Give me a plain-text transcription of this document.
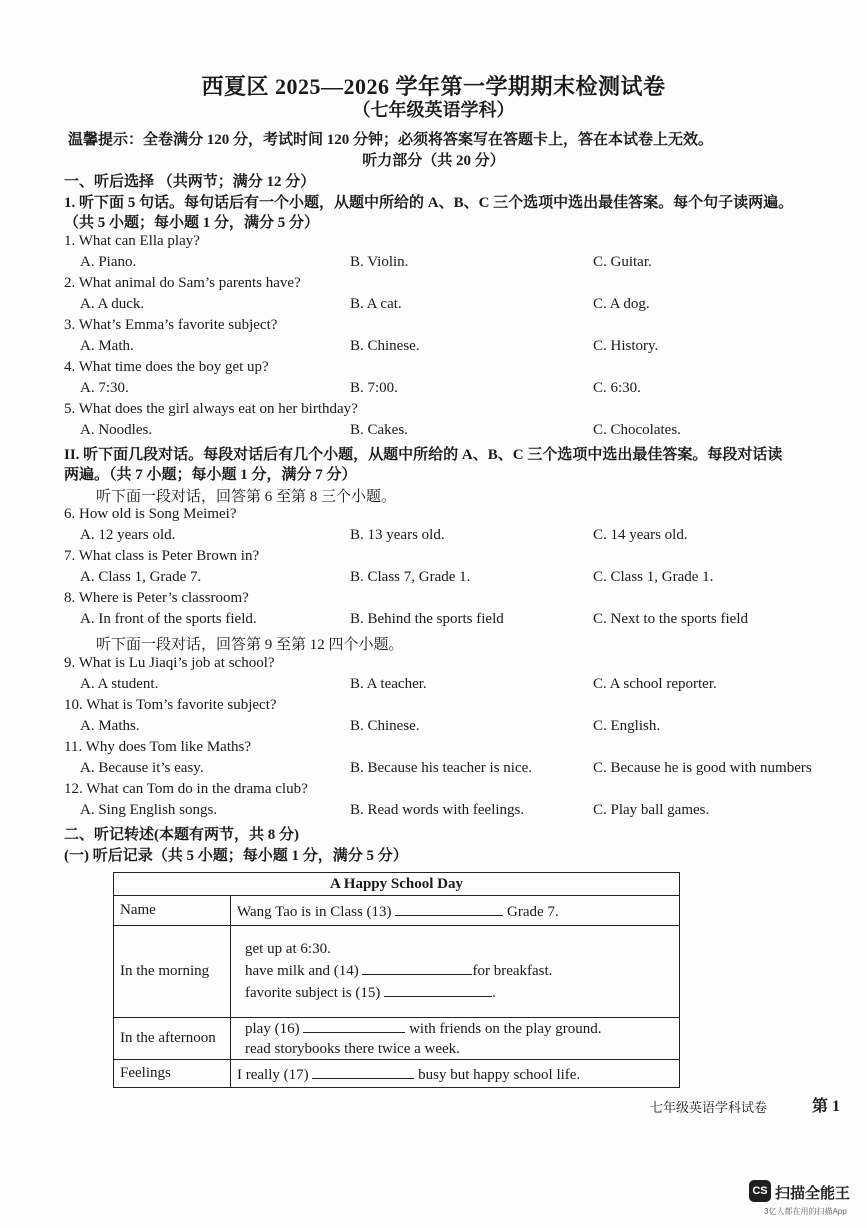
西夏区 2025—2026 学年第一学期期末检测试卷
（七年级英语学科）
温馨提示：全卷满分 120 分，考试时间 120 分钟；必须将答案写在答题卡上，答在本试卷上无效。
听力部分（共 20 分）
一、听后选择 （共两节；满分 12 分）
1. 听下面 5 句话。每句话后有一个小题，从题中所给的 A、B、C 三个选项中选出最佳答案。每个句子读两遍。
（共 5 小题；每小题 1 分，满分 5 分）
1. What can Ella play?
A. Piano.	B. Violin.	C. Guitar.
2. What animal do Sam’s parents have?
A. A duck.	B. A cat.	C. A dog.
3. What’s Emma’s favorite subject?
A. Math.	B. Chinese.	C. History.
4. What time does the boy get up?
A. 7:30.	B. 7:00.	C. 6:30.
5. What does the girl always eat on her birthday?
A. Noodles.	B. Cakes.	C. Chocolates.
II. 听下面几段对话。每段对话后有几个小题，从题中所给的 A、B、C 三个选项中选出最佳答案。每段对话读
两遍。（共 7 小题；每小题 1 分，满分 7 分）
听下面一段对话，回答第 6 至第 8 三个小题。
6. How old is Song Meimei?
A. 12 years old.	B. 13 years old.	C. 14 years old.
7. What class is Peter Brown in?
A. Class 1, Grade 7.	B. Class 7, Grade 1.	C. Class 1, Grade 1.
8. Where is Peter’s classroom?
A. In front of the sports field.	B. Behind the sports field	C. Next to the sports field
听下面一段对话，回答第 9 至第 12 四个小题。
9. What is Lu Jiaqi’s job at school?
A. A student.	B. A teacher.	C. A school reporter.
10. What is Tom’s favorite subject?
A. Maths.	B. Chinese.	C. English.
11. Why does Tom like Maths?
A. Because it’s easy.	B. Because his teacher is nice.	C. Because he is good with numbers
12. What can Tom do in the drama club?
A. Sing English songs.	B. Read words with feelings.	C. Play ball games.
二、听记转述(本题有两节，共 8 分)
(一) 听后记录（共 5 小题；每小题 1 分，满分 5 分）
A Happy School Day	
Name	Wang Tao is in Class (13) Grade 7.
In the morning	get up at 6:30.
have milk and (14) for breakfast.
favorite subject is (15) .

In the afternoon	play (16) with friends on the play ground.
read storybooks there twice a week.

Feelings	I really (17) busy but happy school life.
七年级英语学科试卷	第 1
CS 扫描全能王
3亿人都在用的扫描App
